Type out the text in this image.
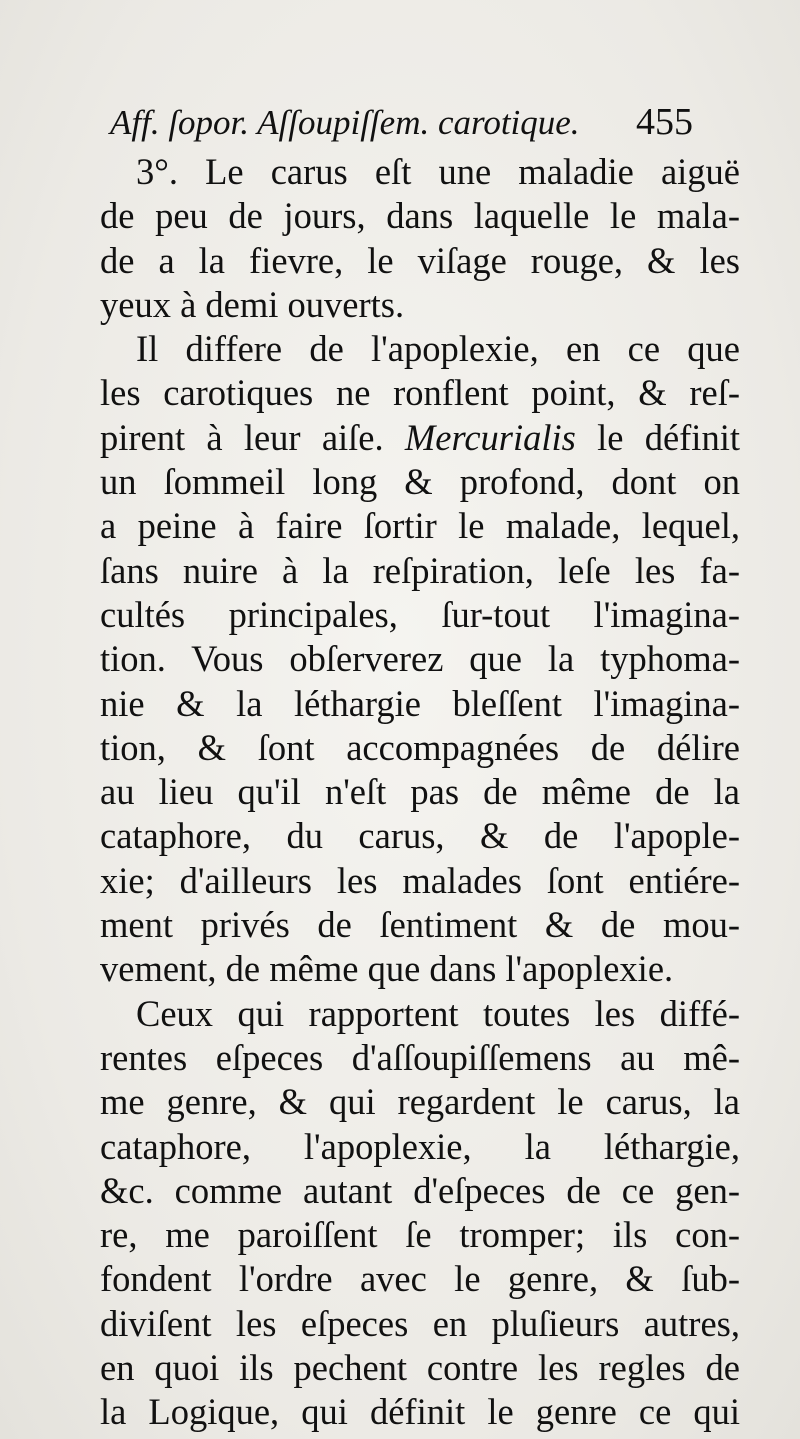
Aff. ſopor. Aſſoupiſſem. carotique.	455
3°. Le carus eſt une maladie aiguë
de peu de jours, dans laquelle le mala-
de a la fievre, le viſage rouge, & les
yeux à demi ouverts.
Il differe de l'apoplexie, en ce que
les carotiques ne ronflent point, & reſ-
pirent à leur aiſe. Mercurialis le définit
un ſommeil long & profond, dont on
a peine à faire ſortir le malade, lequel,
ſans nuire à la reſpiration, leſe les fa-
cultés principales, ſur-tout l'imagina-
tion. Vous obſerverez que la typhoma-
nie & la léthargie bleſſent l'imagina-
tion, & ſont accompagnées de délire
au lieu qu'il n'eſt pas de même de la
cataphore, du carus, & de l'apople-
xie; d'ailleurs les malades ſont entiére-
ment privés de ſentiment & de mou-
vement, de même que dans l'apoplexie.
Ceux qui rapportent toutes les diffé-
rentes eſpeces d'aſſoupiſſemens au mê-
me genre, & qui regardent le carus, la
cataphore, l'apoplexie, la léthargie,
&c. comme autant d'eſpeces de ce gen-
re, me paroiſſent ſe tromper; ils con-
fondent l'ordre avec le genre, & ſub-
diviſent les eſpeces en pluſieurs autres,
en quoi ils pechent contre les regles de
la Logique, qui définit le genre ce qui
